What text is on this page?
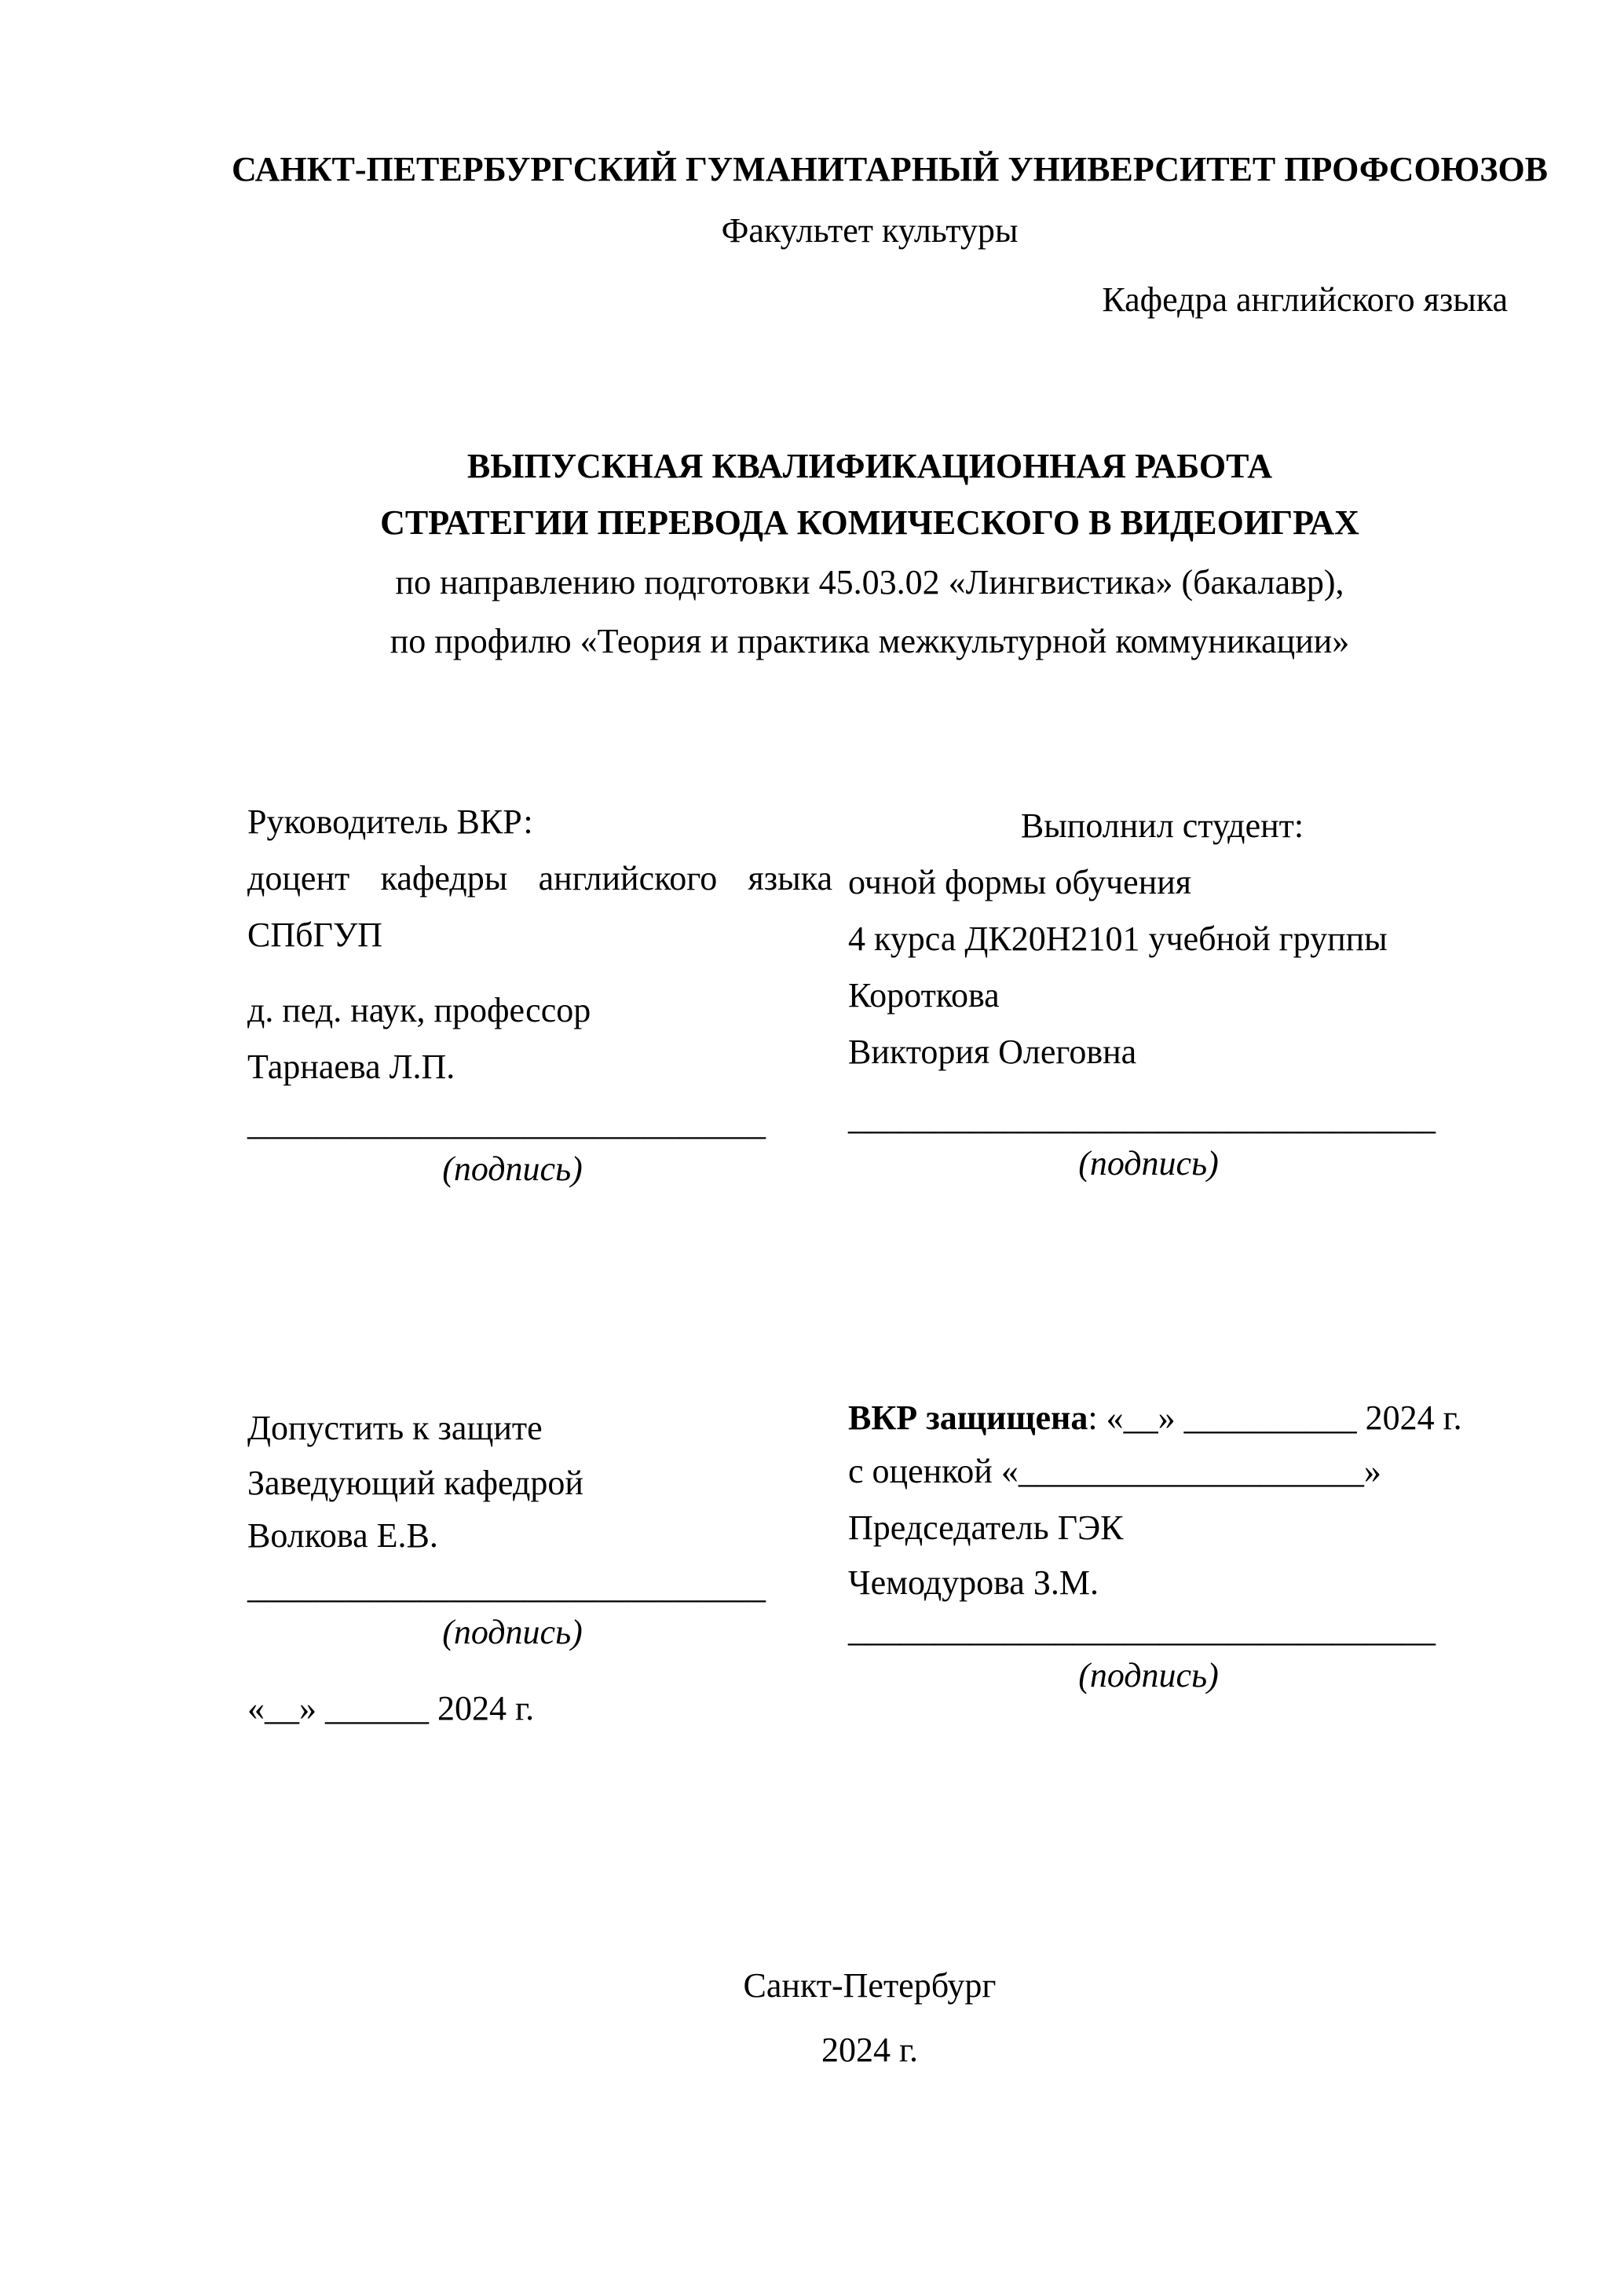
САНКТ-ПЕТЕРБУРГСКИЙ ГУМАНИТАРНЫЙ УНИВЕРСИТЕТ ПРОФСОЮЗОВ
Факультет культуры
Кафедра английского языка
ВЫПУСКНАЯ КВАЛИФИКАЦИОННАЯ РАБОТА
СТРАТЕГИИ ПЕРЕВОДА КОМИЧЕСКОГО В ВИДЕОИГРАХ
по направлению подготовки 45.03.02 «Лингвистика» (бакалавр),
по профилю «Теория и практика межкультурной коммуникации»
Руководитель ВКР:
доцент кафедры английского языка
СПбГУП
д. пед. наук, профессор
Тарнаева Л.П.
______________________________
(подпись)
Выполнил студент:
очной формы обучения
4 курса ДК20Н2101 учебной группы
Короткова
Виктория Олеговна
__________________________________
(подпись)
Допустить к защите
Заведующий кафедрой
Волкова Е.В.
______________________________
(подпись)
«__» ______ 2024 г.
ВКР защищена: «__» __________ 2024 г.
с оценкой «____________________»
Председатель ГЭК
Чемодурова З.М.
__________________________________
(подпись)
Санкт-Петербург
2024 г.
